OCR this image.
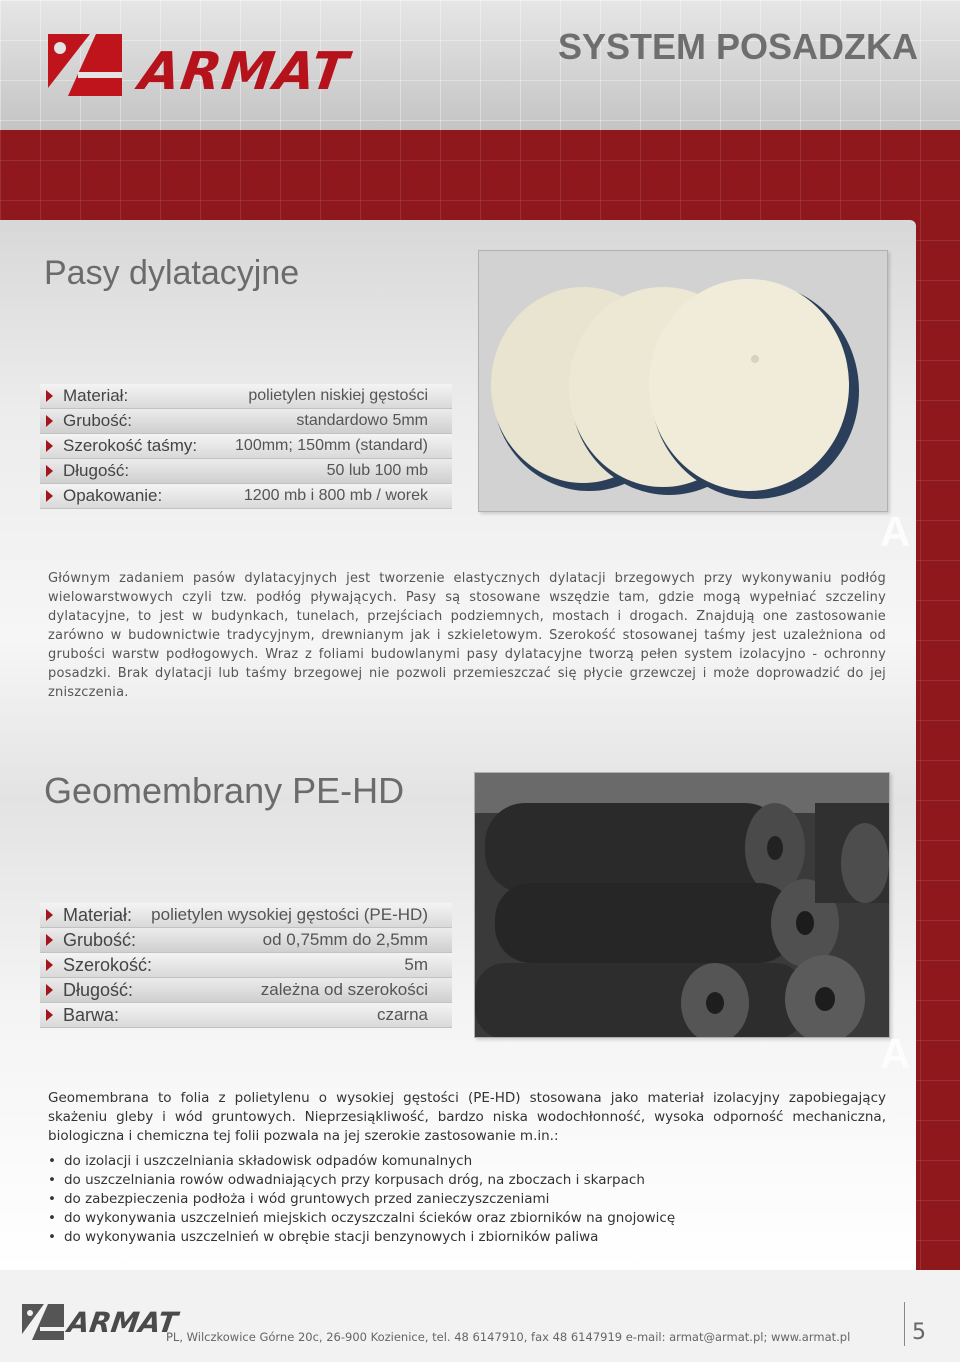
ARMAT	SYSTEM POSADZKA
Pasy dylatacyjne
Materiał:	polietylen niskiej gęstości
Grubość:	standardowo 5mm
Szerokość taśmy: 100mm; 150mm (standard)
Długość:	50 lub 100 mb
Opakowanie:	1200 mb i 800 mb / worek
A

Głównym zadaniem pasów dylatacyjnych jest tworzenie elastycznych dylatacji brzegowych przy wykonywaniu podłóg wielowarstwowych czyli tzw. podłóg pływających. Pasy są stosowane wszędzie tam, gdzie mogą wypełniać szczeliny dylatacyjne, to jest w budynkach, tunelach, przejściach podziemnych, mostach i drogach. Znajdują one zastosowanie zarówno w budownictwie tradycyjnym, drewnianym jak i szkieletowym. Szerokość stosowanej taśmy jest uzależniona od grubości warstw podłogowych. Wraz z foliami budowlanymi pasy dylatacyjne tworzą pełen system izolacyjno - ochronny posadzki. Brak dylatacji lub taśmy brzegowej nie pozwoli przemieszczać się płycie grzewczej i może doprowadzić do jej zniszczenia.

Geomembrany PE-HD
Materiał: polietylen wysokiej gęstości (PE-HD)
Grubość:	od 0,75mm do 2,5mm
Szerokość:	5m
Długość:	zależna od szerokości
Barwa:	czarna
A

Geomembrana to folia z polietylenu o wysokiej gęstości (PE-HD) stosowana jako materiał izolacyjny zapobiegający skażeniu gleby i wód gruntowych. Nieprzesiąkliwość, bardzo niska wodochłonność, wysoka odporność mechaniczna, biologiczna i chemiczna tej folii pozwala na jej szerokie zastosowanie m.in.:

• do izolacji i uszczelniania składowisk odpadów komunalnych
• do uszczelniania rowów odwadniających przy korpusach dróg, na zboczach i skarpach
• do zabezpieczenia podłoża i wód gruntowych przed zanieczyszczeniami
• do wykonywania uszczelnień miejskich oczyszczalni ścieków oraz zbiorników na gnojowicę
• do wykonywania uszczelnień w obrębie stacji benzynowych i zbiorników paliwa
ARMAT
PL, Wilczkowice Górne 20c, 26-900 Kozienice, tel. 48 6147910, fax 48 6147919 e-mail: armat@armat.pl; www.armat.pl	5
